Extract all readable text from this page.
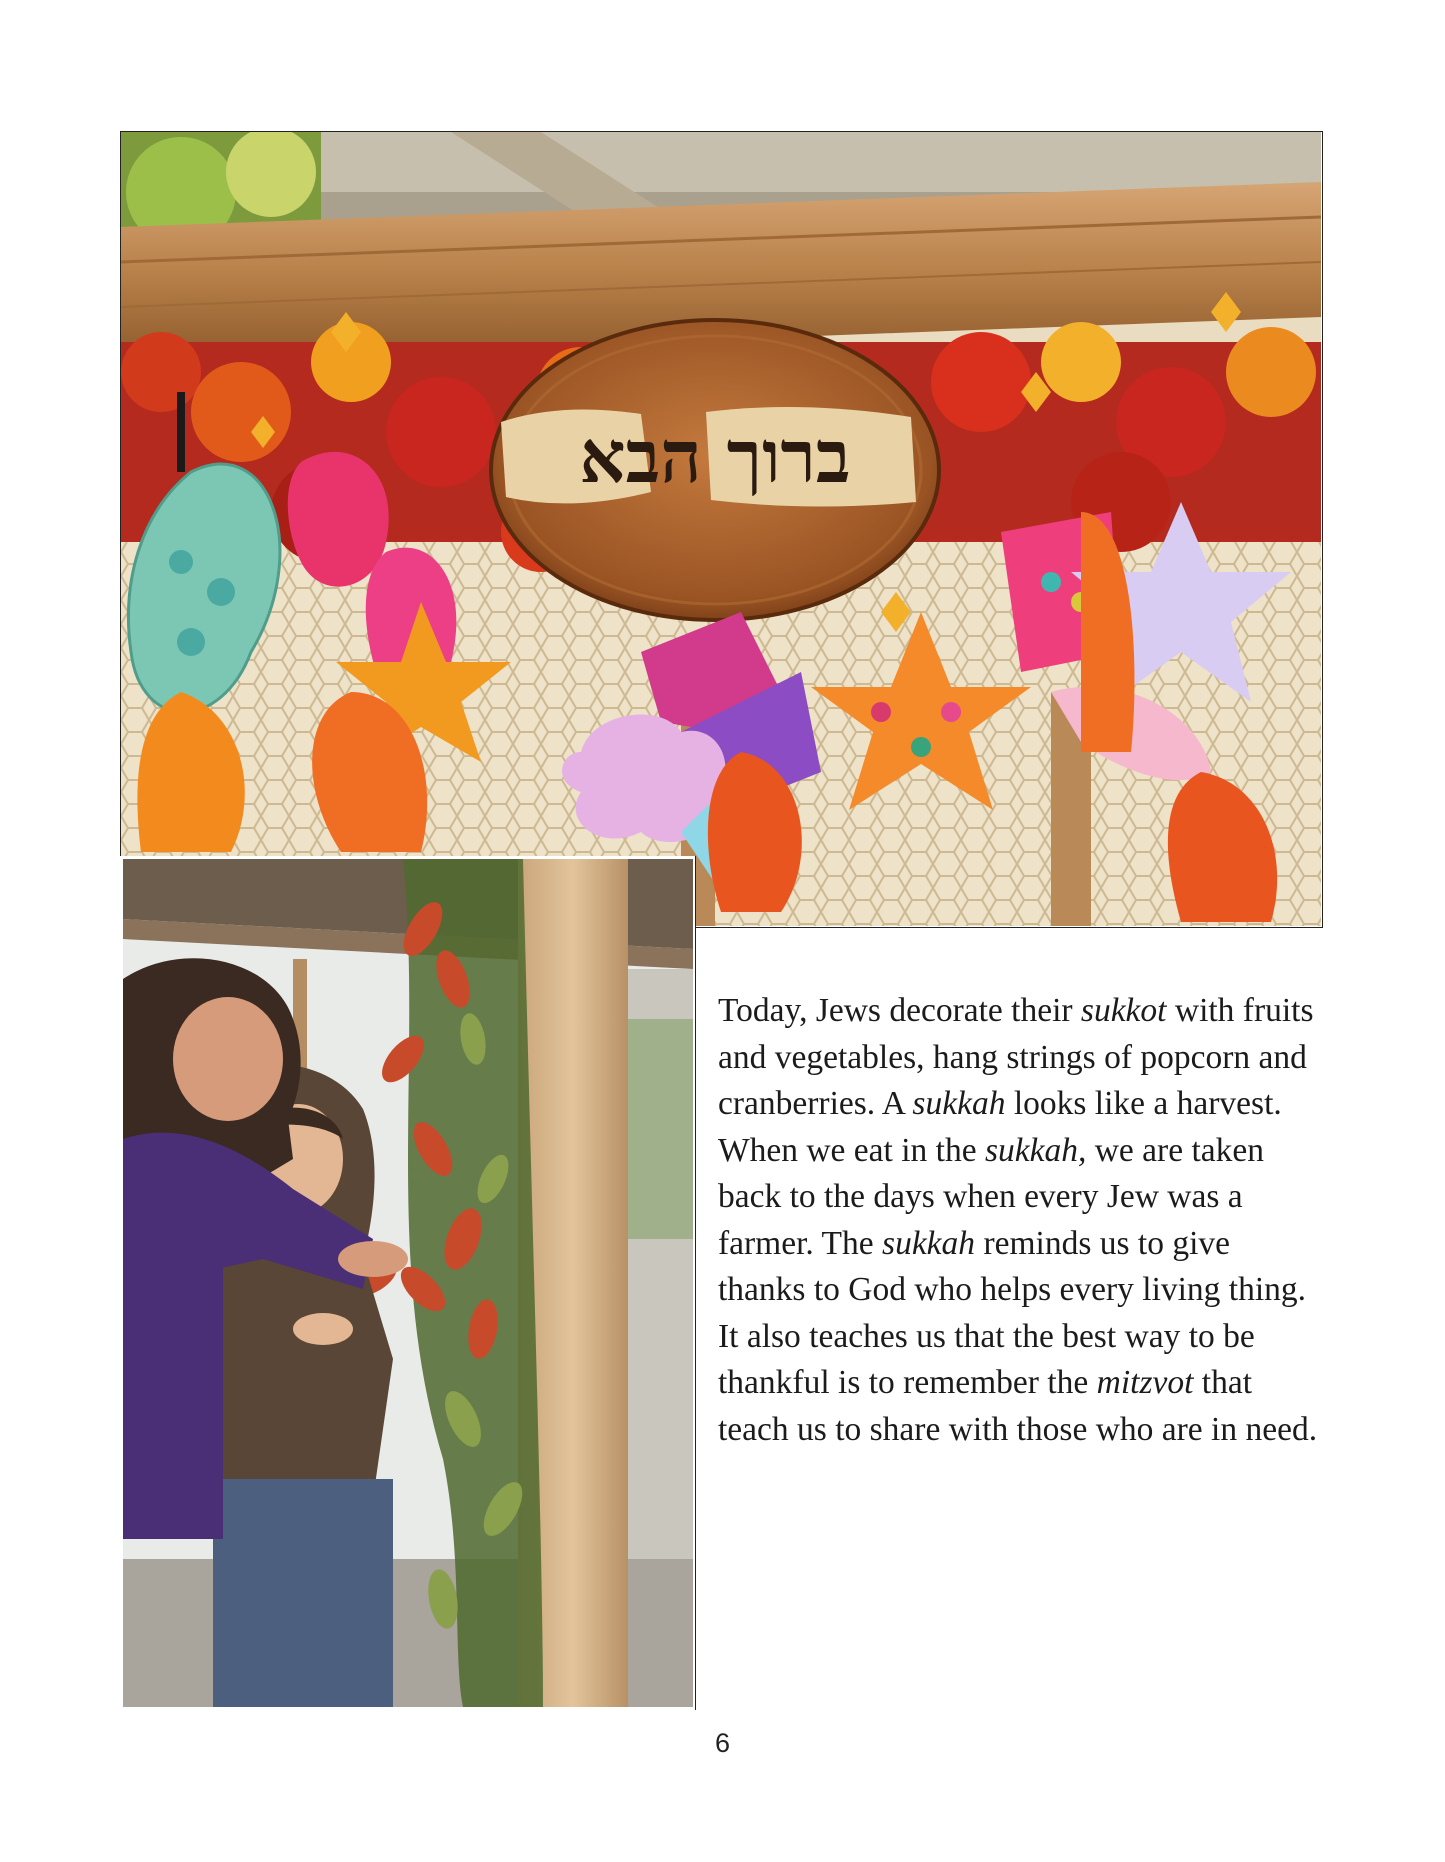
ברוך הבא

Today, Jews decorate their sukkot with fruits and vegetables, hang strings of popcorn and cranberries. A sukkah looks like a harvest. When we eat in the sukkah, we are taken back to the days when every Jew was a farmer. The sukkah reminds us to give thanks to God who helps every living thing. It also teaches us that the best way to be thankful is to remember the mitzvot that teach us to share with those who are in need.

6
